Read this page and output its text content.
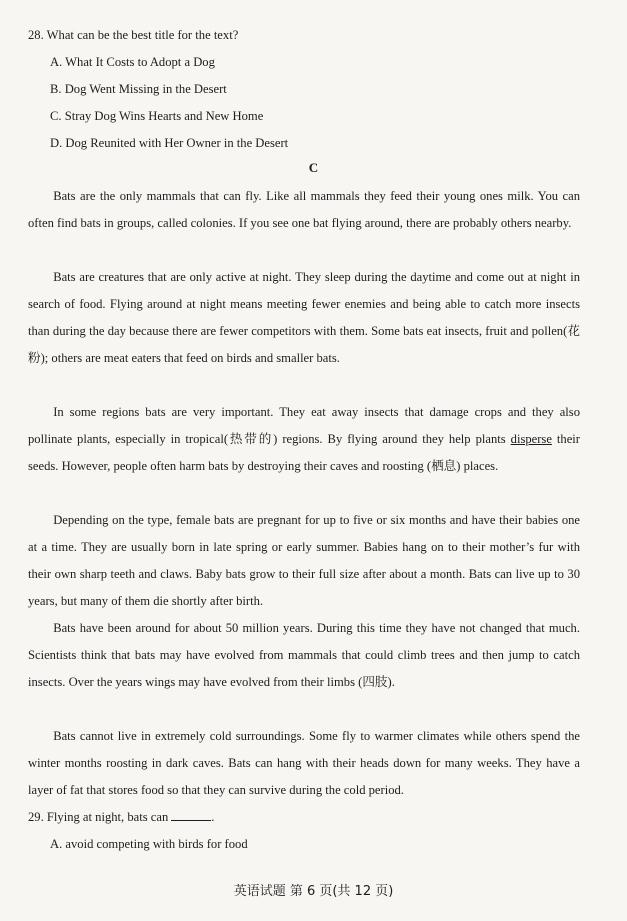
28. What can be the best title for the text?
A. What It Costs to Adopt a Dog
B. Dog Went Missing in the Desert
C. Stray Dog Wins Hearts and New Home
D. Dog Reunited with Her Owner in the Desert
C
Bats are the only mammals that can fly. Like all mammals they feed their young ones milk. You can often find bats in groups, called colonies. If you see one bat flying around, there are probably others nearby.
Bats are creatures that are only active at night. They sleep during the daytime and come out at night in search of food. Flying around at night means meeting fewer enemies and being able to catch more insects than during the day because there are fewer competitors with them. Some bats eat insects, fruit and pollen(花粉); others are meat eaters that feed on birds and smaller bats.
In some regions bats are very important. They eat away insects that damage crops and they also pollinate plants, especially in tropical(热带的) regions. By flying around they help plants disperse their seeds. However, people often harm bats by destroying their caves and roosting (栖息) places.
Depending on the type, female bats are pregnant for up to five or six months and have their babies one at a time. They are usually born in late spring or early summer. Babies hang on to their mother’s fur with their own sharp teeth and claws. Baby bats grow to their full size after about a month. Bats can live up to 30 years, but many of them die shortly after birth.
Bats have been around for about 50 million years. During this time they have not changed that much. Scientists think that bats may have evolved from mammals that could climb trees and then jump to catch insects. Over the years wings may have evolved from their limbs (四肢).
Bats cannot live in extremely cold surroundings. Some fly to warmer climates while others spend the winter months roosting in dark caves. Bats can hang with their heads down for many weeks. They have a layer of fat that stores food so that they can survive during the cold period.
29. Flying at night, bats can	.
A. avoid competing with birds for food
英语试题 第 6 页(共 12 页)
